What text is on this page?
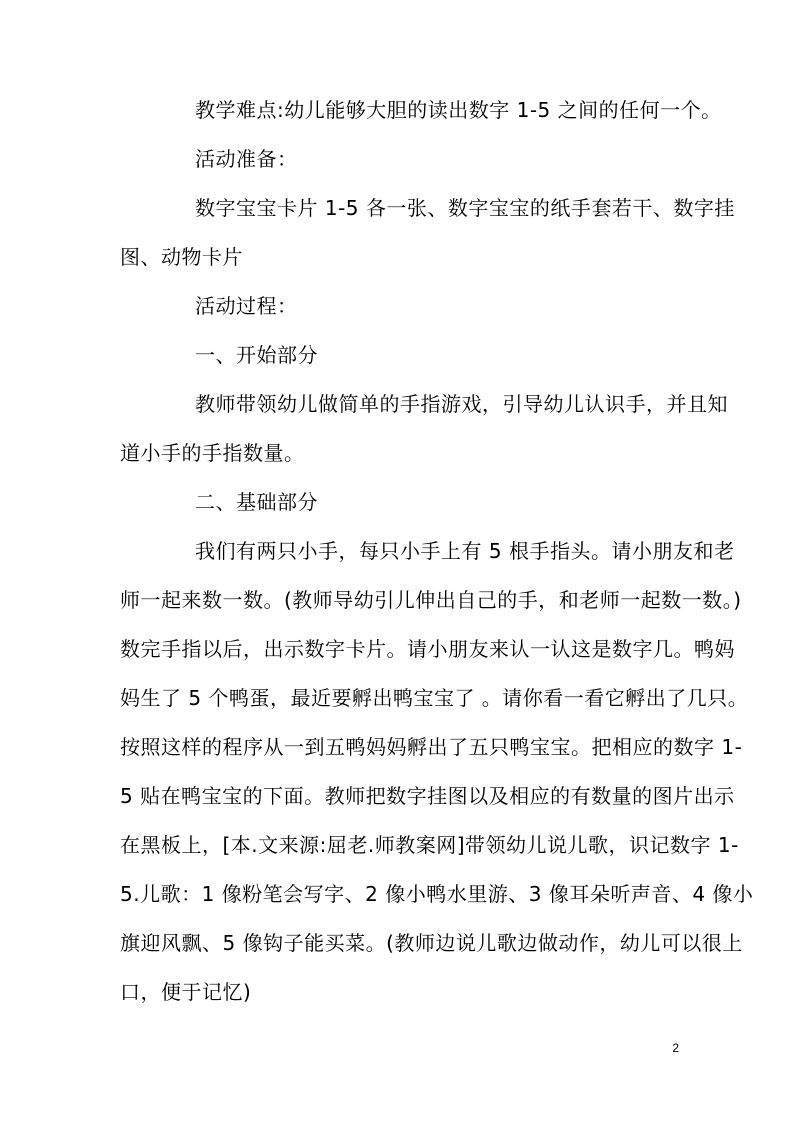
教学难点:幼儿能够大胆的读出数字 1-5 之间的任何一个。
活动准备：
数字宝宝卡片 1-5 各一张、数字宝宝的纸手套若干、数字挂
图、动物卡片
活动过程：
一、开始部分
教师带领幼儿做简单的手指游戏，引导幼儿认识手，并且知
道小手的手指数量。
二、基础部分
我们有两只小手，每只小手上有 5 根手指头。请小朋友和老
师一起来数一数。(教师导幼引儿伸出自己的手，和老师一起数一数。)
数完手指以后，出示数字卡片。请小朋友来认一认这是数字几。鸭妈
妈生了 5 个鸭蛋，最近要孵出鸭宝宝了 。请你看一看它孵出了几只。
按照这样的程序从一到五鸭妈妈孵出了五只鸭宝宝。把相应的数字 1-
5 贴在鸭宝宝的下面。教师把数字挂图以及相应的有数量的图片出示
在黑板上，[本.文来源:屈老.师教案网]带领幼儿说儿歌，识记数字 1-
5.儿歌：1 像粉笔会写字、2 像小鸭水里游、3 像耳朵听声音、4 像小
旗迎风飘、5 像钩子能买菜。(教师边说儿歌边做动作，幼儿可以很上
口，便于记忆)
2
